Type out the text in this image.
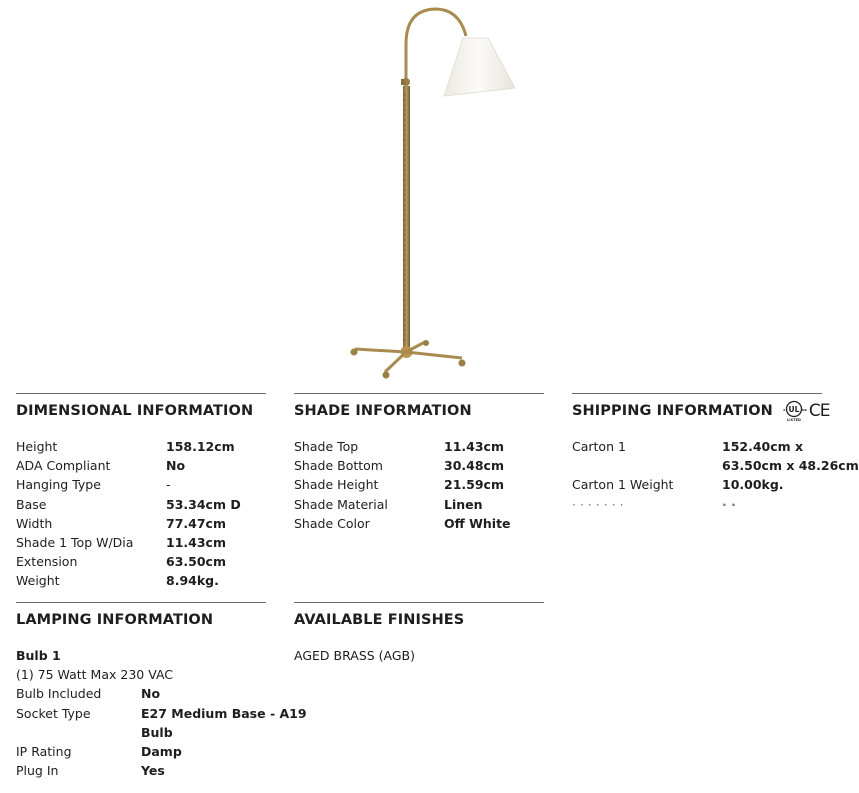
DIMENSIONAL INFORMATION
Height	158.12cm
ADA Compliant	No
Hanging Type	-
Base	53.34cm D
Width	77.47cm
Shade 1 Top W/Dia	11.43cm
Extension	63.50cm
Weight	8.94kg.
SHADE INFORMATION
Shade Top	11.43cm
Shade Bottom	30.48cm
Shade Height	21.59cm
Shade Material	Linen
Shade Color	Off White
SHIPPING INFORMATION UL
c	us
LISTED CE
Carton 1	152.40cm x
63.50cm x 48.26cm
Carton 1 Weight	10.00kg.
· · · · · · ·	· ·
LAMPING INFORMATION
Bulb 1
(1) 75 Watt Max 230 VAC
Bulb Included	No
Socket Type	E27 Medium Base - A19
Bulb
IP Rating	Damp
Plug In	Yes
AVAILABLE FINISHES
AGED BRASS (AGB)
